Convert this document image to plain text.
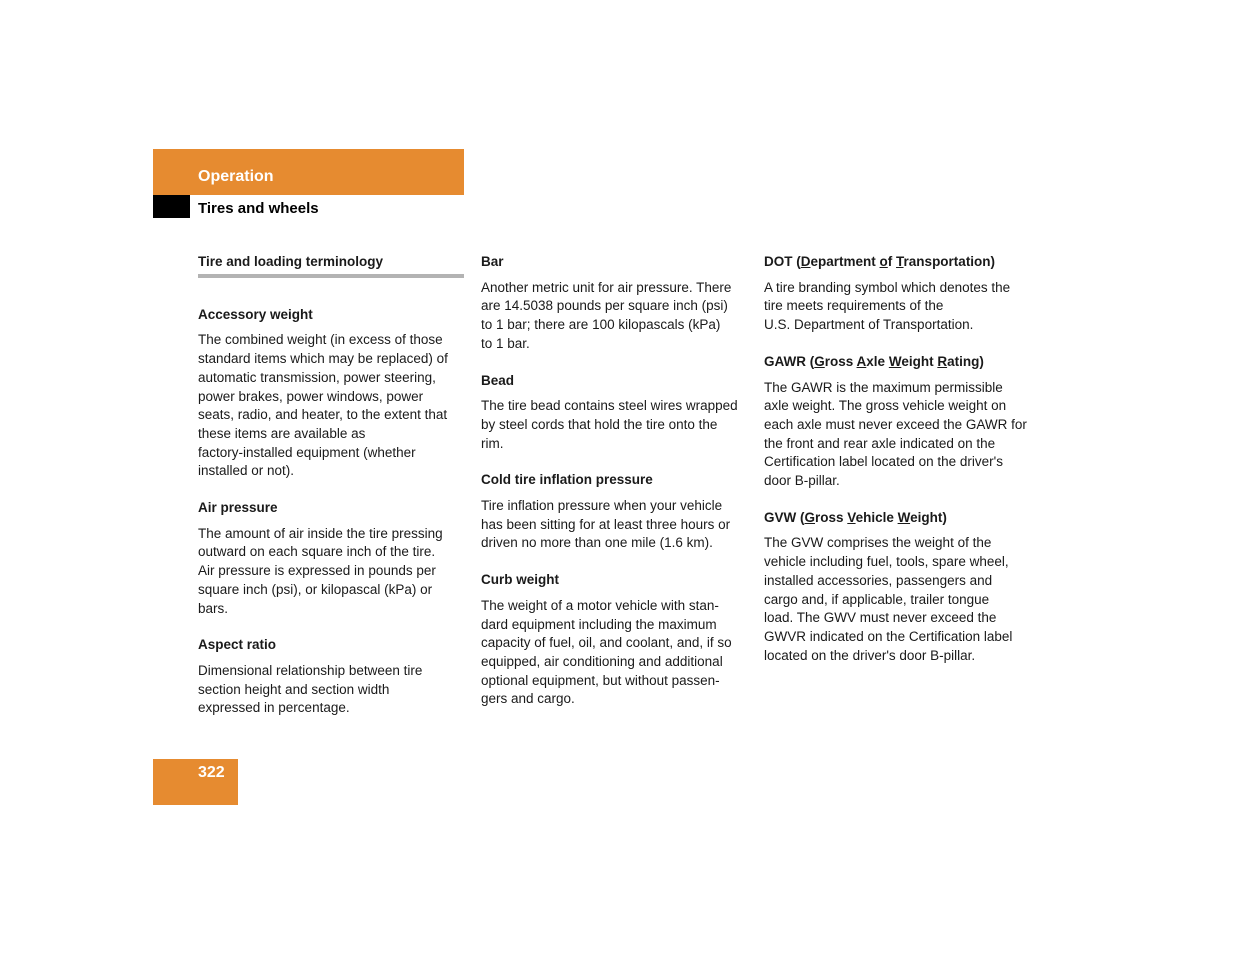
Operation
Tires and wheels
Tire and loading terminology
Accessory weight
The combined weight (in excess of those
standard items which may be replaced) of
automatic transmission, power steering,
power brakes, power windows, power
seats, radio, and heater, to the extent that
these items are available as
factory-installed equipment (whether
installed or not).
Air pressure
The amount of air inside the tire pressing
outward on each square inch of the tire.
Air pressure is expressed in pounds per
square inch (psi), or kilopascal (kPa) or
bars.
Aspect ratio
Dimensional relationship between tire
section height and section width
expressed in percentage.
Bar
Another metric unit for air pressure. There
are 14.5038 pounds per square inch (psi)
to 1 bar; there are 100 kilopascals (kPa)
to 1 bar.
Bead
The tire bead contains steel wires wrapped
by steel cords that hold the tire onto the
rim.
Cold tire inflation pressure
Tire inflation pressure when your vehicle
has been sitting for at least three hours or
driven no more than one mile (1.6 km).
Curb weight
The weight of a motor vehicle with stan-
dard equipment including the maximum
capacity of fuel, oil, and coolant, and, if so
equipped, air conditioning and additional
optional equipment, but without passen-
gers and cargo.
DOT (Department of Transportation)
A tire branding symbol which denotes the
tire meets requirements of the
U.S. Department of Transportation.
GAWR (Gross Axle Weight Rating)
The GAWR is the maximum permissible
axle weight. The gross vehicle weight on
each axle must never exceed the GAWR for
the front and rear axle indicated on the
Certification label located on the driver's
door B-pillar.
GVW (Gross Vehicle Weight)
The GVW comprises the weight of the
vehicle including fuel, tools, spare wheel,
installed accessories, passengers and
cargo and, if applicable, trailer tongue
load. The GWV must never exceed the
GWVR indicated on the Certification label
located on the driver's door B-pillar.
322
